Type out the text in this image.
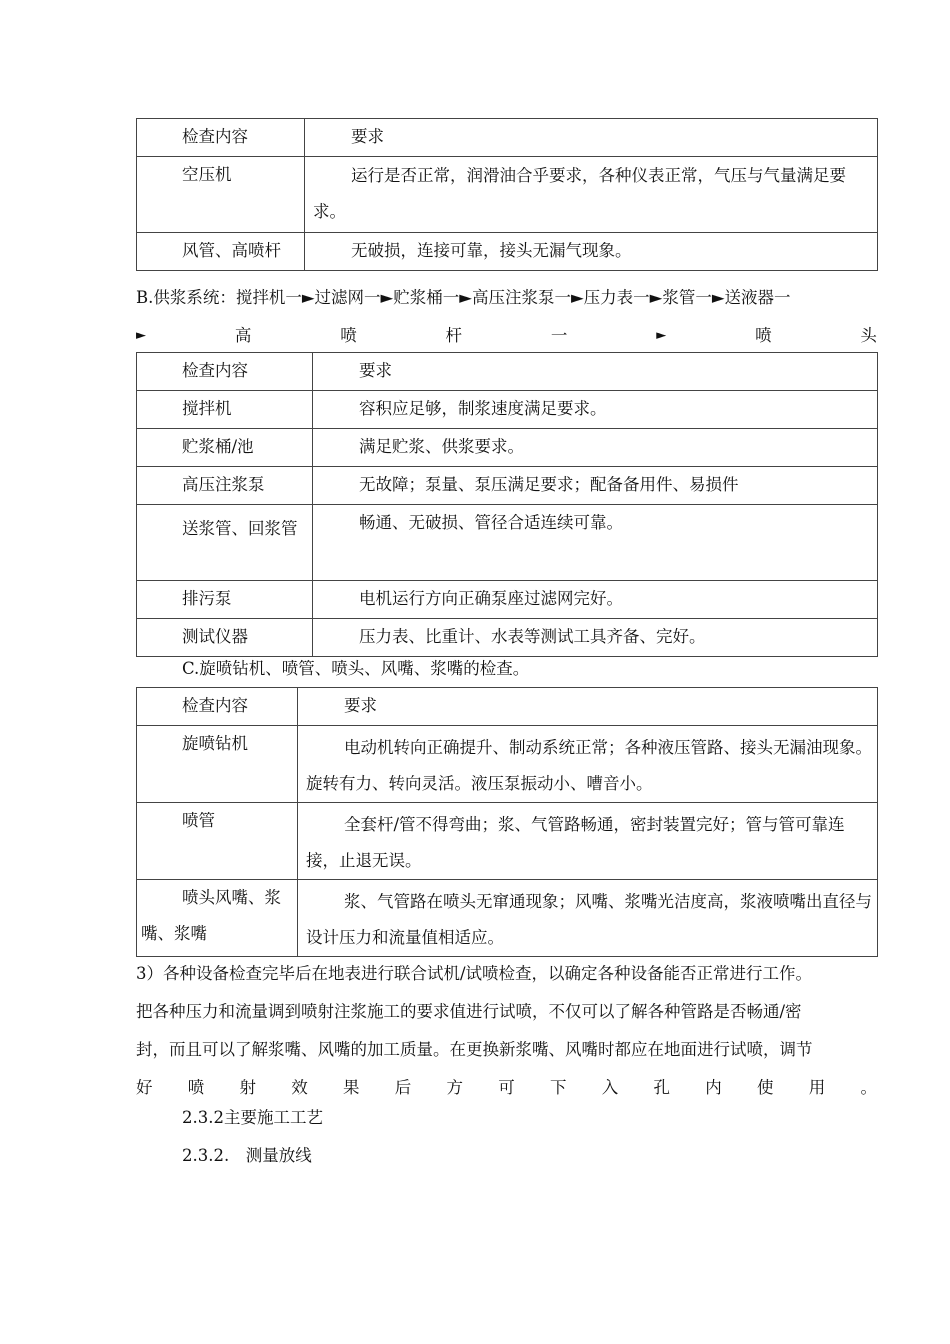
检查内容	要求
空压机	运行是否正常，润滑油合乎要求，各种仪表正常，气压与气量满足要求。
风管、高喷杆	无破损，连接可靠，接头无漏气现象。
B.供浆系统：搅拌机一►过滤网一►贮浆桶一►高压注浆泵一►压力表一►浆管一►送液器一
►	高	喷	杆	一	►	喷	头
检查内容	要求
搅拌机	容积应足够，制浆速度满足要求。
贮浆桶/池	满足贮浆、供浆要求。
高压注浆泵	无故障；泵量、泵压满足要求；配备备用件、易损件
送浆管、回浆管	畅通、无破损、管径合适连续可靠。
排污泵	电机运行方向正确泵座过滤网完好。
测试仪器	压力表、比重计、水表等测试工具齐备、完好。
C.旋喷钻机、喷管、喷头、风嘴、浆嘴的检查。
检查内容	要求
旋喷钻机	电动机转向正确提升、制动系统正常；各种液压管路、接头无漏油现象。旋转有力、转向灵活。液压泵振动小、嘈音小。
喷管	全套杆/管不得弯曲；浆、气管路畅通，密封装置完好；管与管可靠连接，止退无误。
喷头风嘴、浆嘴、浆嘴	浆、气管路在喷头无窜通现象；风嘴、浆嘴光洁度高，浆液喷嘴出直径与设计压力和流量值相适应。
3）各种设备检查完毕后在地表进行联合试机/试喷检查，以确定各种设备能否正常进行工作。
把各种压力和流量调到喷射注浆施工的要求值进行试喷，不仅可以了解各种管路是否畅通/密
封，而且可以了解浆嘴、风嘴的加工质量。在更换新浆嘴、风嘴时都应在地面进行试喷，调节
好 喷 射 效 果 后 方 可 下 入 孔 内 使 用 。
2.3.2主要施工工艺
2.3.2.　测量放线
